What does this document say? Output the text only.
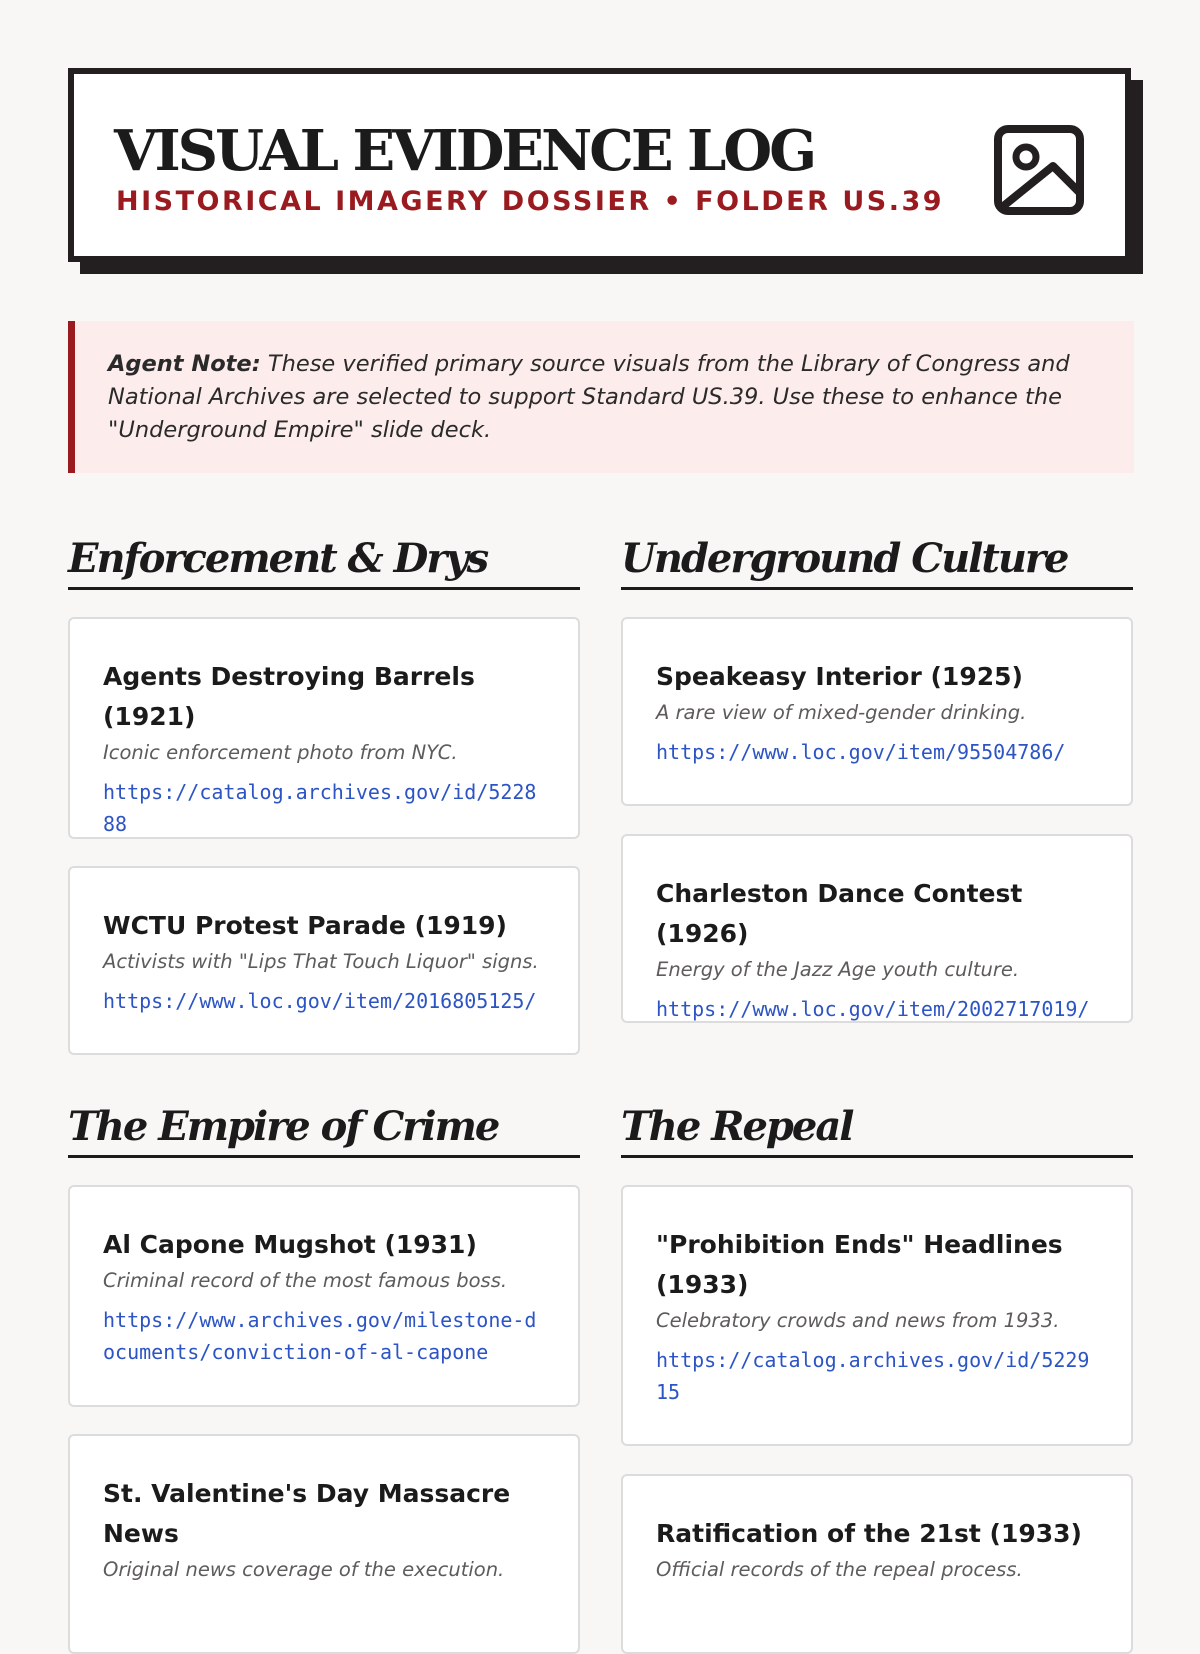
VISUAL EVIDENCE LOG
HISTORICAL IMAGERY DOSSIER • FOLDER US.39
Agent Note: These verified primary source visuals from the Library of Congress and National Archives are selected to support Standard US.39. Use these to enhance the "Underground Empire" slide deck.
Enforcement & Drys
Agents Destroying Barrels (1921)
Iconic enforcement photo from NYC.
https://catalog.archives.gov/id/522888
WCTU Protest Parade (1919)
Activists with "Lips That Touch Liquor" signs.
https://www.loc.gov/item/2016805125/
Underground Culture
Speakeasy Interior (1925)
A rare view of mixed-gender drinking.
https://www.loc.gov/item/95504786/
Charleston Dance Contest (1926)
Energy of the Jazz Age youth culture.
https://www.loc.gov/item/2002717019/
The Empire of Crime
Al Capone Mugshot (1931)
Criminal record of the most famous boss.
https://www.archives.gov/milestone-documents/conviction-of-al-capone
St. Valentine's Day Massacre News
Original news coverage of the execution.
The Repeal
"Prohibition Ends" Headlines (1933)
Celebratory crowds and news from 1933.
https://catalog.archives.gov/id/522915
Ratification of the 21st (1933)
Official records of the repeal process.
